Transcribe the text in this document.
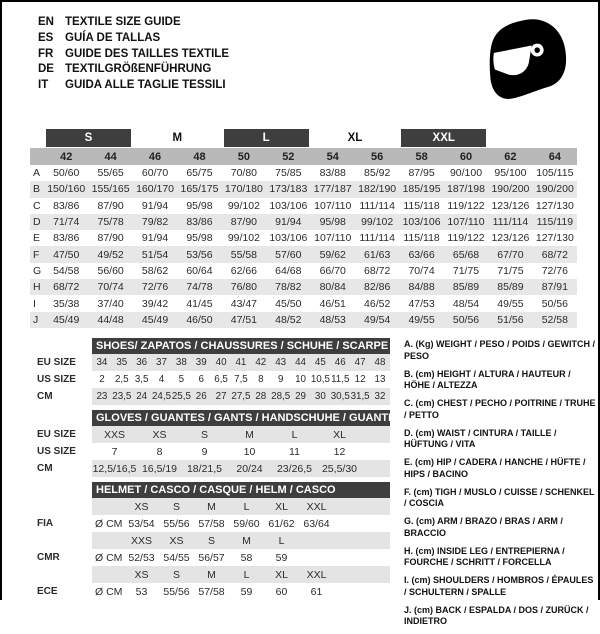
EN TEXTILE SIZE GUIDE
ES	GUÍA DE TALLAS
FR	GUIDE DES TAILLES TEXTILE
DE TEXTILGRÖßENFÜHRUNG
IT	GUIDA ALLE TAGLIE TESSILI
S	M	L	XL	XXL
42	44	46	48	50	52	54	56	58	60	62	64
A	50/60	55/65	60/70	65/75	70/80	75/85	83/88	85/92	87/95	90/100	95/100 105/115
B 150/160 155/165 160/170 165/175 170/180 173/183 177/187 182/190 185/195 187/198 190/200 190/200
C	83/86	87/90	91/94	95/98	99/102 103/106 107/110 111/114 115/118 119/122 123/126 127/130
D	71/74	75/78	79/82	83/86	87/90	91/94	95/98	99/102 103/106 107/110 111/114 115/119
E	83/86	87/90	91/94	95/98	99/102 103/106 107/110 111/114 115/118 119/122 123/126 127/130
F	47/50	49/52	51/54	53/56	55/58	57/60	59/62	61/63	63/66	65/68	67/70	68/72
G	54/58	56/60	58/62	60/64	62/66	64/68	66/70	68/72	70/74	71/75	71/75	72/76
H	68/72	70/74	72/76	74/78	76/80	78/82	80/84	82/86	84/88	85/89	85/89	87/91
I	35/38	37/40	39/42	41/45	43/47	45/50	46/51	46/52	47/53	48/54	49/55	50/56
J	45/49	44/48	45/49	46/50	47/51	48/52	48/53	49/54	49/55	50/56	51/56	52/58
SHOES/ ZAPATOS / CHAUSSURES / SCHUHE / SCARPE
EU SIZE	34 35 36 37 38 39 40 41 42 43 44 45 46 47 48
US SIZE	2	2,5 3,5	4	5	6	6,5 7,5	8	9	10 10,5 11,5 12 13
CM	23 23,5 24 24,5 25,5 26 27 27,5 28 28,5 29 30 30,5 31,5 32
GLOVES / GUANTES / GANTS / HANDSCHUHE / GUANTI
EU SIZE	XXS	XS	S	M	L	XL
US SIZE	7	8	9	10	11	12
CM	12,5/16,5 16,5/19 18/21,5	20/24	23/26,5 25,5/30
HELMET / CASCO / CASQUE / HELM / CASCO
XS	S	M	L	XL	XXL
FIA	Ø CM 53/54 55/56 57/58 59/60 61/62 63/64
XXS	XS	S	M	L
CMR	Ø CM 52/53 54/55 56/57	58	59
XS	S	M	L	XL	XXL
ECE	Ø CM	53	55/56 57/58	59	60	61
A. (Kg) WEIGHT / PESO / POIDS / GEWITCH / PESO
B. (cm) HEIGHT / ALTURA / HAUTEUR / HÖHE / ALTEZZA
C. (cm) CHEST / PECHO / POITRINE / TRUHE / PETTO
D. (cm) WAIST / CINTURA / TAILLE / HÜFTUNG / VITA
E. (cm) HIP / CADERA / HANCHE / HÜFTE / HIPS / BACINO
F. (cm) TIGH / MUSLO / CUISSE / SCHENKEL / COSCIA
G. (cm) ARM / BRAZO / BRAS / ARM / BRACCIO
H. (cm) INSIDE LEG / ENTREPIERNA / FOURCHE / SCHRITT / FORCELLA
I. (cm) SHOULDERS / HOMBROS / ÉPAULES / SCHULTERN / SPALLE
J. (cm) BACK / ESPALDA / DOS / ZURÜCK / INDIETRO
